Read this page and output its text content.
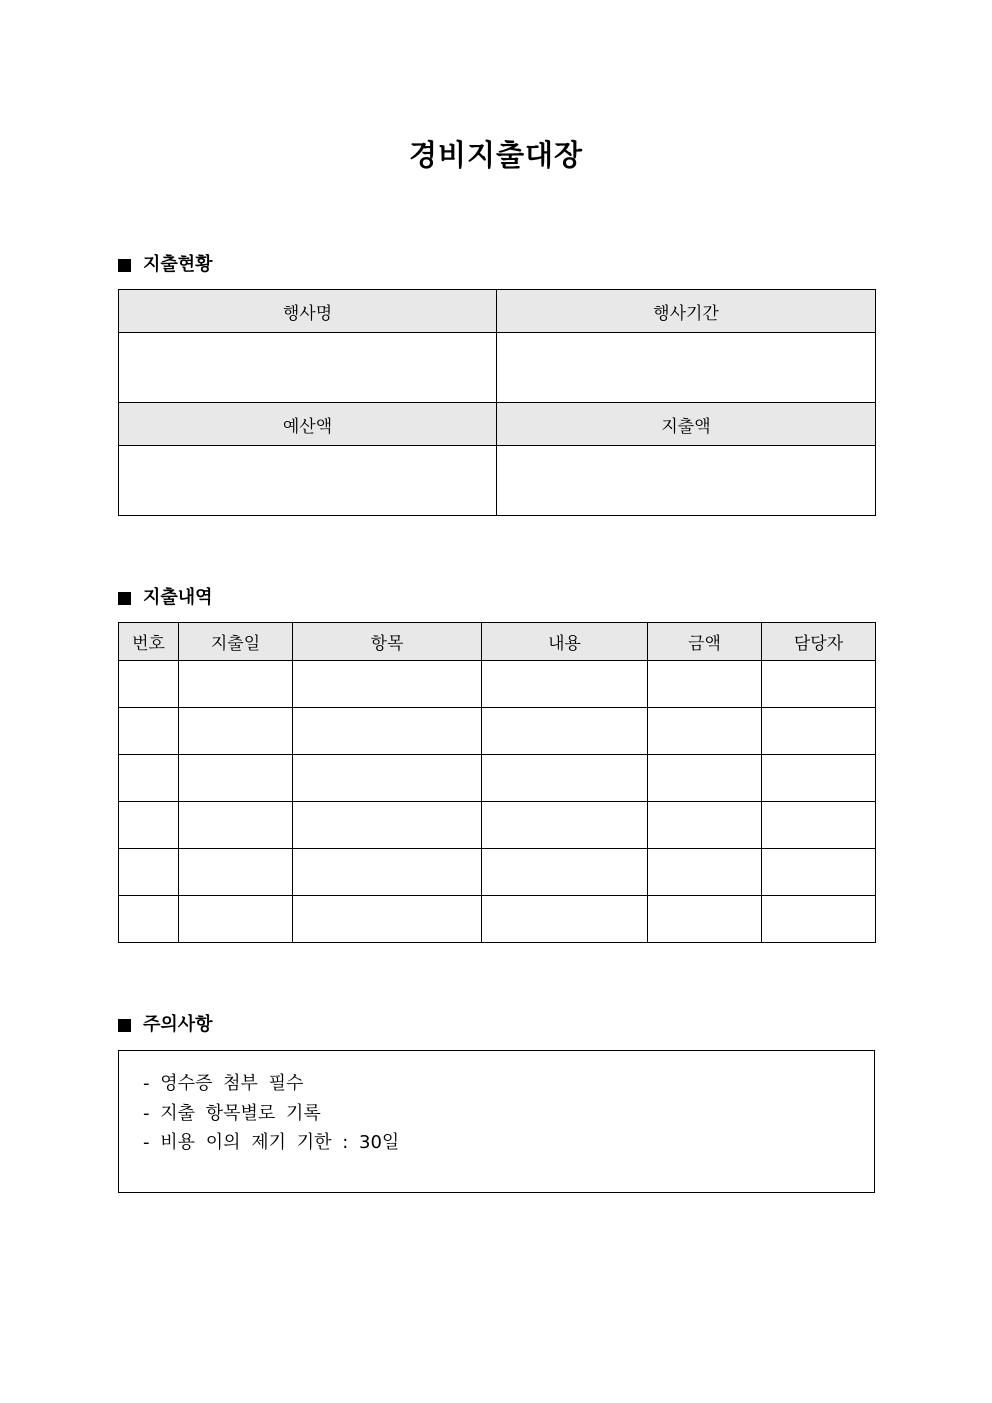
경비지출대장
지출현황
행사명	행사기간

예산액	지출액

지출내역
번호	지출일	항목	내용	금액	담당자

주의사항
- 영수증 첨부 필수
- 지출 항목별로 기록
- 비용 이의 제기 기한 : 30일
